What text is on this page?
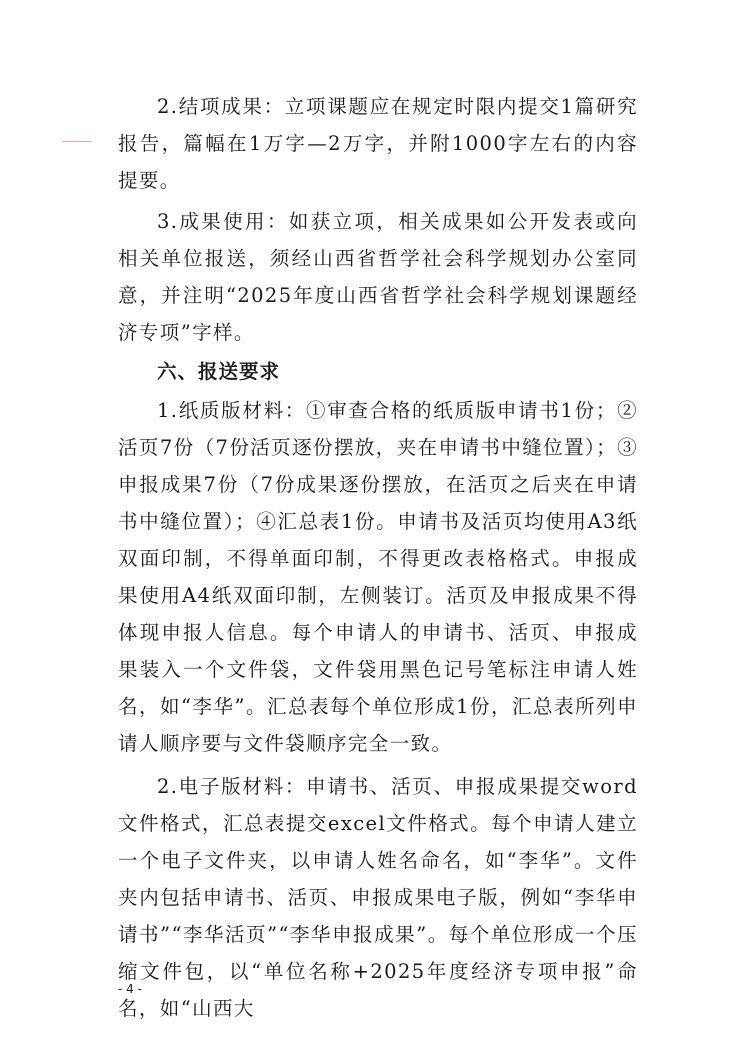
2.结项成果：立项课题应在规定时限内提交1篇研究报告，篇幅在1万字—2万字，并附1000字左右的内容提要。

3.成果使用：如获立项，相关成果如公开发表或向相关单位报送，须经山西省哲学社会科学规划办公室同意，并注明“2025年度山西省哲学社会科学规划课题经济专项”字样。

六、报送要求

1.纸质版材料：①审查合格的纸质版申请书1份；②活页7份（7份活页逐份摆放，夹在申请书中缝位置）；③申报成果7份（7份成果逐份摆放，在活页之后夹在申请书中缝位置）；④汇总表1份。申请书及活页均使用A3纸双面印制，不得单面印制，不得更改表格格式。申报成果使用A4纸双面印制，左侧装订。活页及申报成果不得体现申报人信息。每个申请人的申请书、活页、申报成果装入一个文件袋，文件袋用黑色记号笔标注申请人姓名，如“李华”。汇总表每个单位形成1份，汇总表所列申请人顺序要与文件袋顺序完全一致。

2.电子版材料：申请书、活页、申报成果提交word文件格式，汇总表提交excel文件格式。每个申请人建立一个电子文件夹，以申请人姓名命名，如“李华”。文件夹内包括申请书、活页、申报成果电子版，例如“李华申请书”“李华活页”“李华申报成果”。每个单位形成一个压缩文件包，以“单位名称+2025年度经济专项申报”命名，如“山西大

- 4 -
